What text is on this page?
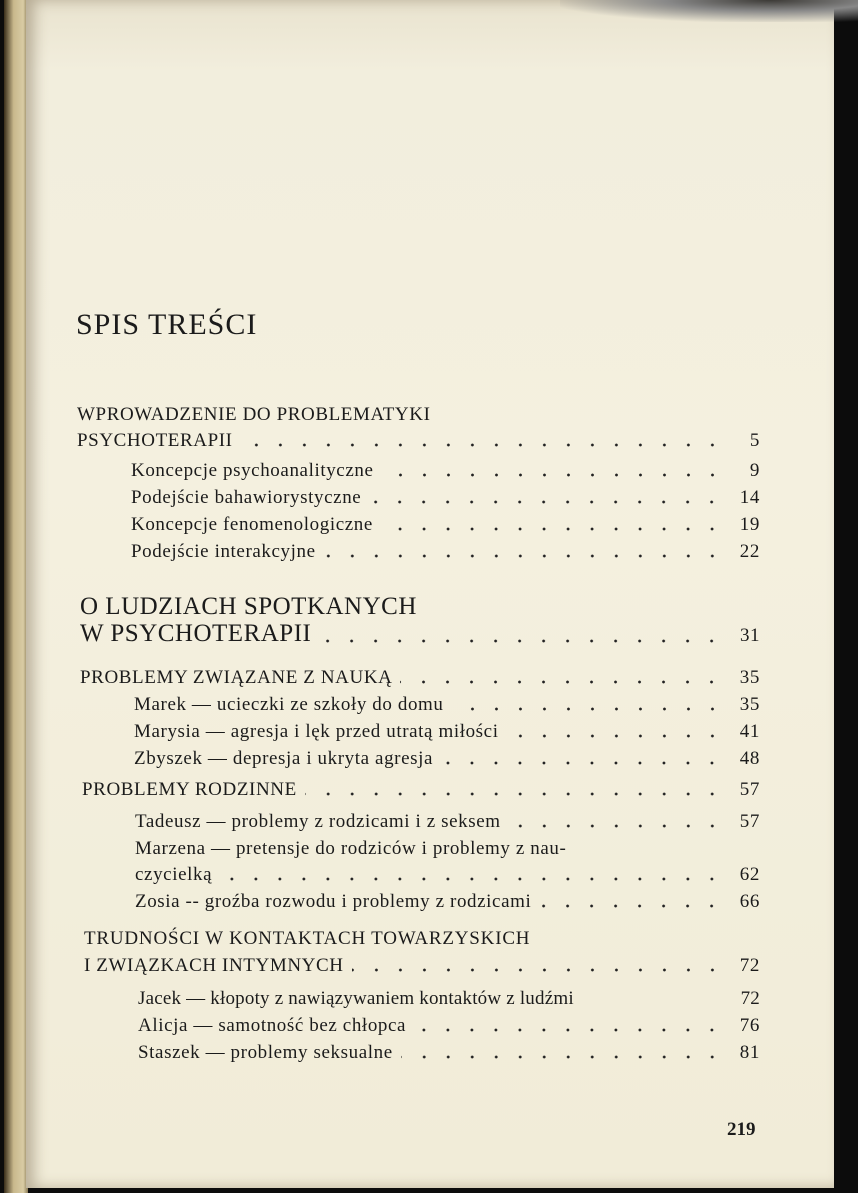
SPIS TREŚCI
WPROWADZENIE DO PROBLEMATYKI
PSYCHOTERAPII	5
Koncepcje psychoanalityczne	9
Podejście bahawiorystyczne	14
Koncepcje fenomenologiczne	19
Podejście interakcyjne	22
O LUDZIACH SPOTKANYCH
W PSYCHOTERAPII	31
PROBLEMY ZWIĄZANE Z NAUKĄ	35
Marek — ucieczki ze szkoły do domu	35
Marysia — agresja i lęk przed utratą miłości	41
Zbyszek — depresja i ukryta agresja	48
PROBLEMY RODZINNE	57
Tadeusz — problemy z rodzicami i z seksem	57
Marzena — pretensje do rodziców i problemy z nau-
czycielką	62
Zosia -- groźba rozwodu i problemy z rodzicami	66
TRUDNOŚCI W KONTAKTACH TOWARZYSKICH
I ZWIĄZKACH INTYMNYCH	72
Jacek — kłopoty z nawiązywaniem kontaktów z ludźmi	72
Alicja — samotność bez chłopca	76
Staszek — problemy seksualne	81
219
